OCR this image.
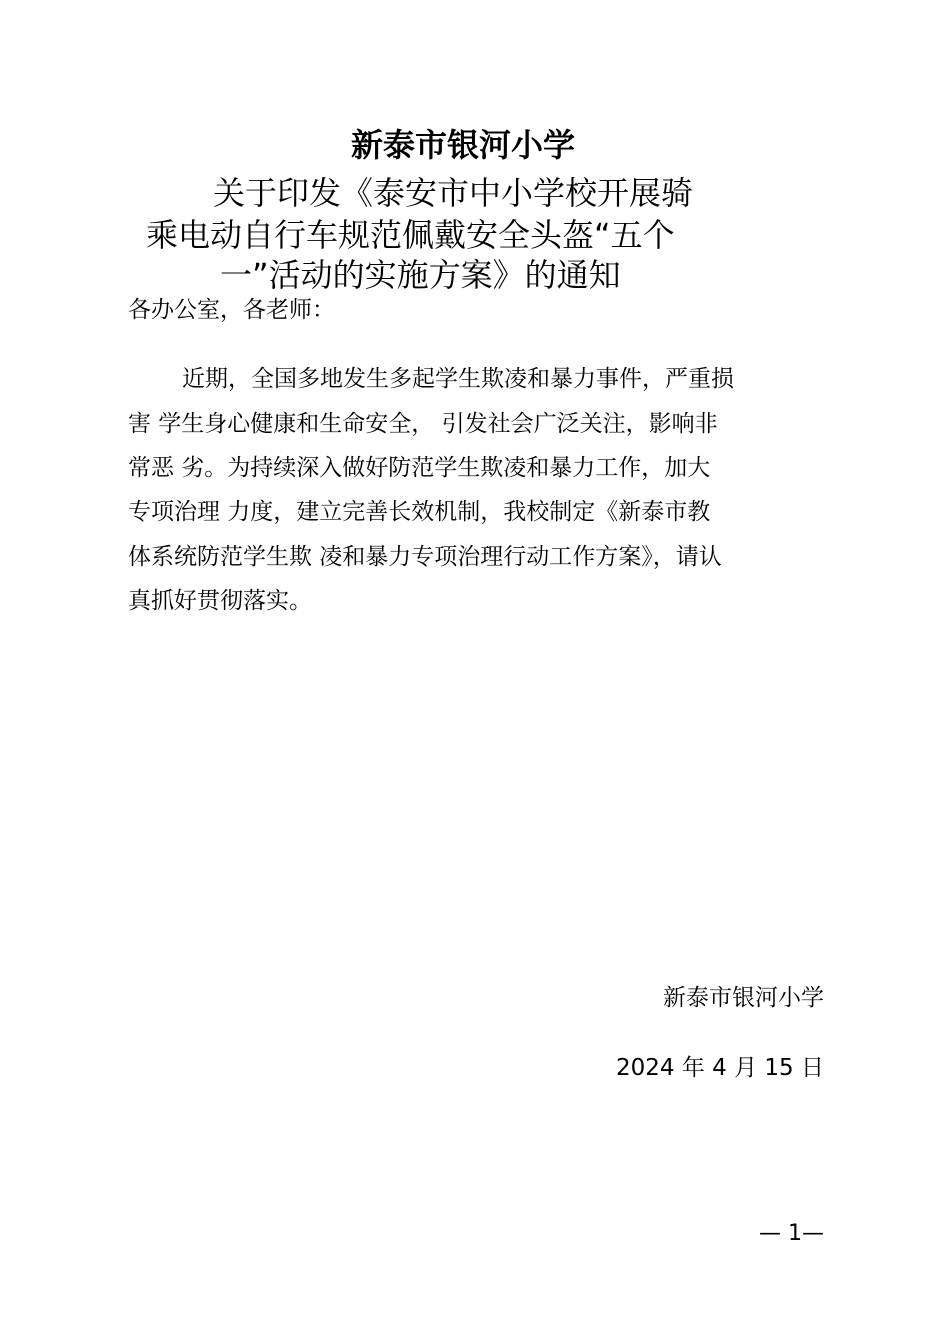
新泰市银河小学
关于印发《泰安市中小学校开展骑
乘电动自行车规范佩戴安全头盔“五个
一”活动的实施方案》的通知
各办公室，各老师：
近期，全国多地发生多起学生欺凌和暴力事件，严重损
害 学生身心健康和生命安全， 引发社会广泛关注，影响非
常恶 劣。为持续深入做好防范学生欺凌和暴力工作，加大
专项治理 力度，建立完善长效机制，我校制定《新泰市教
体系统防范学生欺 凌和暴力专项治理行动工作方案》，请认
真抓好贯彻落实。
新泰市银河小学
2024 年 4 月 15 日
— 1—
